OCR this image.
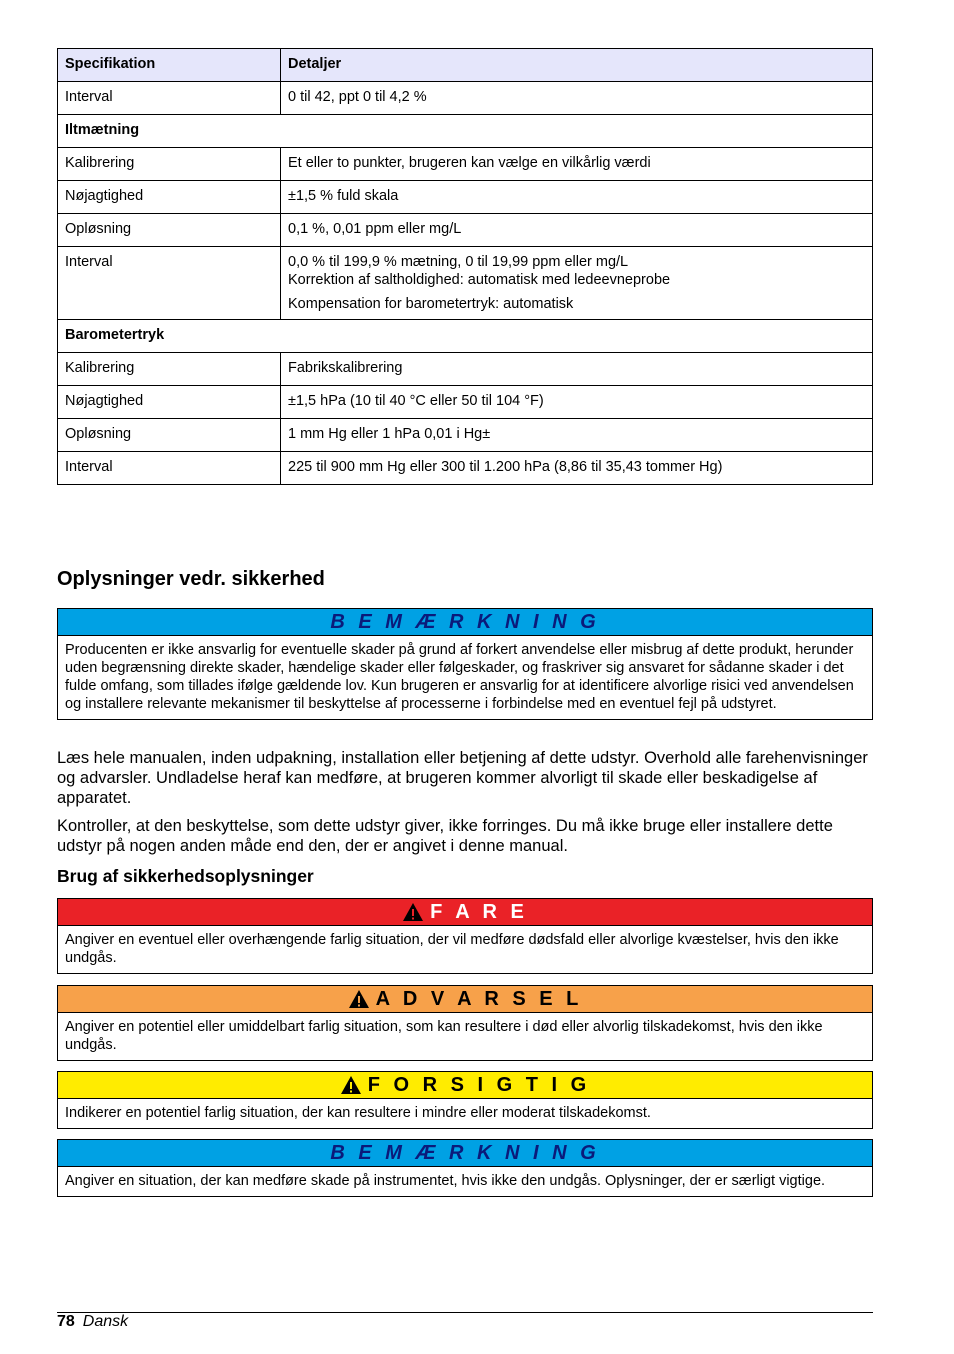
Specifikation	Detaljer
Interval	0 til 42, ppt 0 til 4,2 %

Iltmætning	
Kalibrering	Et eller to punkter, brugeren kan vælge en vilkårlig værdi

Nøjagtighed	±1,5 % fuld skala

Opløsning	0,1 %, 0,01 ppm eller mg/L

Interval	0,0 % til 199,9 % mætning, 0 til 19,99 ppm eller mg/L

Korrektion af saltholdighed: automatisk med ledeevneprobe

Kompensation for barometertryk: automatisk

Barometertryk	
Kalibrering	Fabrikskalibrering

Nøjagtighed	±1,5 hPa (10 til 40 °C eller 50 til 104 °F)

Opløsning	1 mm Hg eller 1 hPa 0,01 i Hg±

Interval	225 til 900 mm Hg eller 300 til 1.200 hPa (8,86 til 35,43 tommer Hg)

Oplysninger vedr. sikkerhed
B E M Æ R K N I N G
Producenten er ikke ansvarlig for eventuelle skader på grund af forkert anvendelse eller misbrug af dette produkt, herunder uden begrænsning direkte skader, hændelige skader eller følgeskader, og fraskriver sig ansvaret for sådanne skader i det fulde omfang, som tillades ifølge gældende lov. Kun brugeren er ansvarlig for at identificere alvorlige risici ved anvendelsen og installere relevante mekanismer til beskyttelse af processerne i forbindelse med en eventuel fejl på udstyret.

Læs hele manualen, inden udpakning, installation eller betjening af dette udstyr. Overhold alle farehenvisninger og advarsler. Undladelse heraf kan medføre, at brugeren kommer alvorligt til skade eller beskadigelse af apparatet.

Kontroller, at den beskyttelse, som dette udstyr giver, ikke forringes. Du må ikke bruge eller installere dette udstyr på nogen anden måde end den, der er angivet i denne manual.

Brug af sikkerhedsoplysninger
F A R E
Angiver en eventuel eller overhængende farlig situation, der vil medføre dødsfald eller alvorlige kvæstelser, hvis den ikke undgås.
A D V A R S E L
Angiver en potentiel eller umiddelbart farlig situation, som kan resultere i død eller alvorlig tilskadekomst, hvis den ikke undgås.
F O R S I G T I G
Indikerer en potentiel farlig situation, der kan resultere i mindre eller moderat tilskadekomst.
B E M Æ R K N I N G
Angiver en situation, der kan medføre skade på instrumentet, hvis ikke den undgås. Oplysninger, der er særligt vigtige.
78 Dansk
